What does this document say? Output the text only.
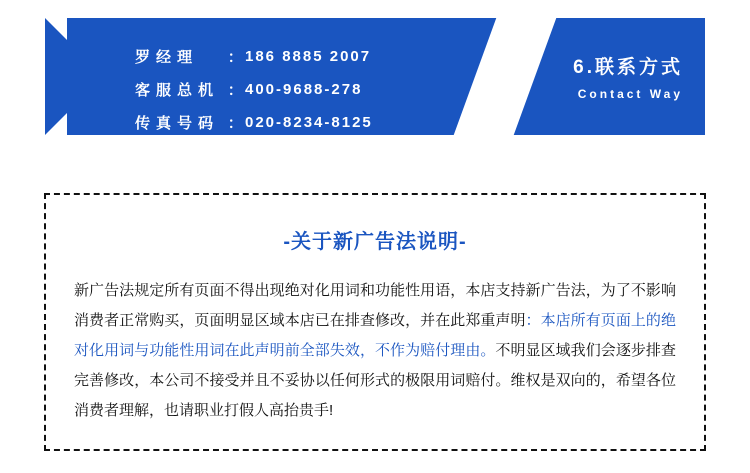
罗经理	： 186 8885 2007
客服总机 ： 400-9688-278
传真号码 ： 020-8234-8125
6.联系方式
Contact Way
-关于新广告法说明-
新广告法规定所有页面不得出现绝对化用词和功能性用语，本店支持新广告法，为了不影响消费者正常购买，页面明显区域本店已在排查修改，并在此郑重声明：本店所有页面上的绝对化用词与功能性用词在此声明前全部失效，不作为赔付理由。不明显区域我们会逐步排查完善修改，本公司不接受并且不妥协以任何形式的极限用词赔付。维权是双向的，希望各位消费者理解，也请职业打假人高抬贵手!
